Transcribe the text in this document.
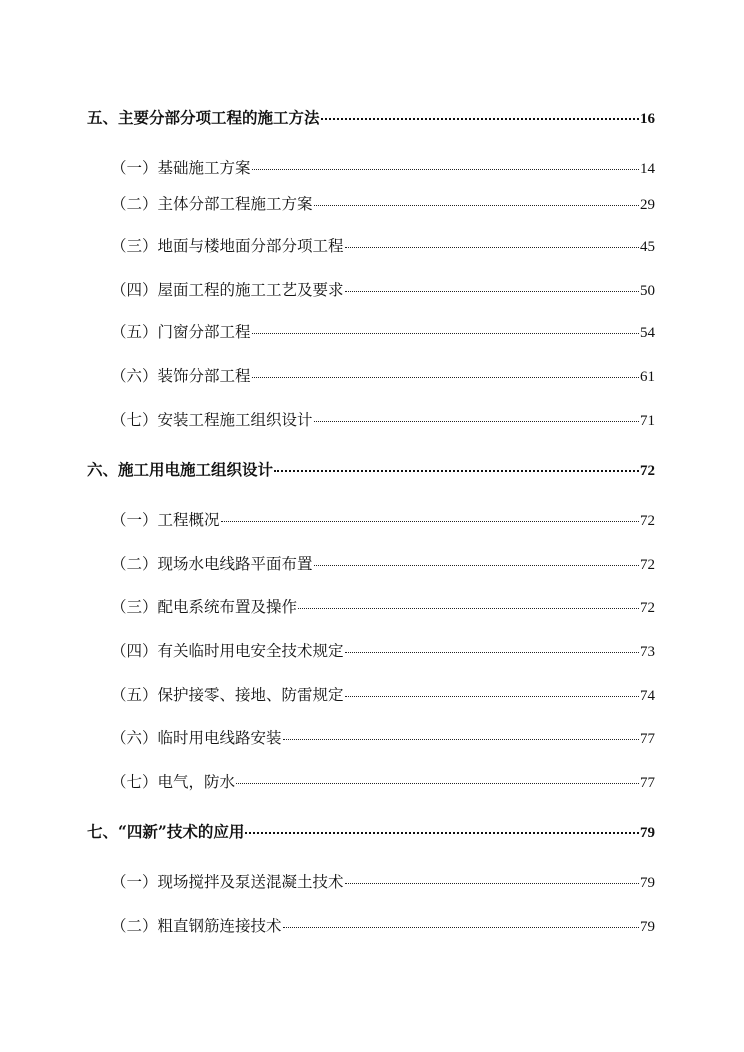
五、主要分部分项工程的施工方法	16
（一）基础施工方案	14
（二）主体分部工程施工方案	29
（三）地面与楼地面分部分项工程	45
（四）屋面工程的施工工艺及要求	50
（五）门窗分部工程	54
（六）装饰分部工程	61
（七）安装工程施工组织设计	71
六、施工用电施工组织设计	72
（一）工程概况	72
（二）现场水电线路平面布置	72
（三）配电系统布置及操作	72
（四）有关临时用电安全技术规定	73
（五）保护接零、接地、防雷规定	74
（六）临时用电线路安装	77
（七）电气，防水	77
七、“四新”技术的应用	79
（一）现场搅拌及泵送混凝土技术	79
（二）粗直钢筋连接技术	79
